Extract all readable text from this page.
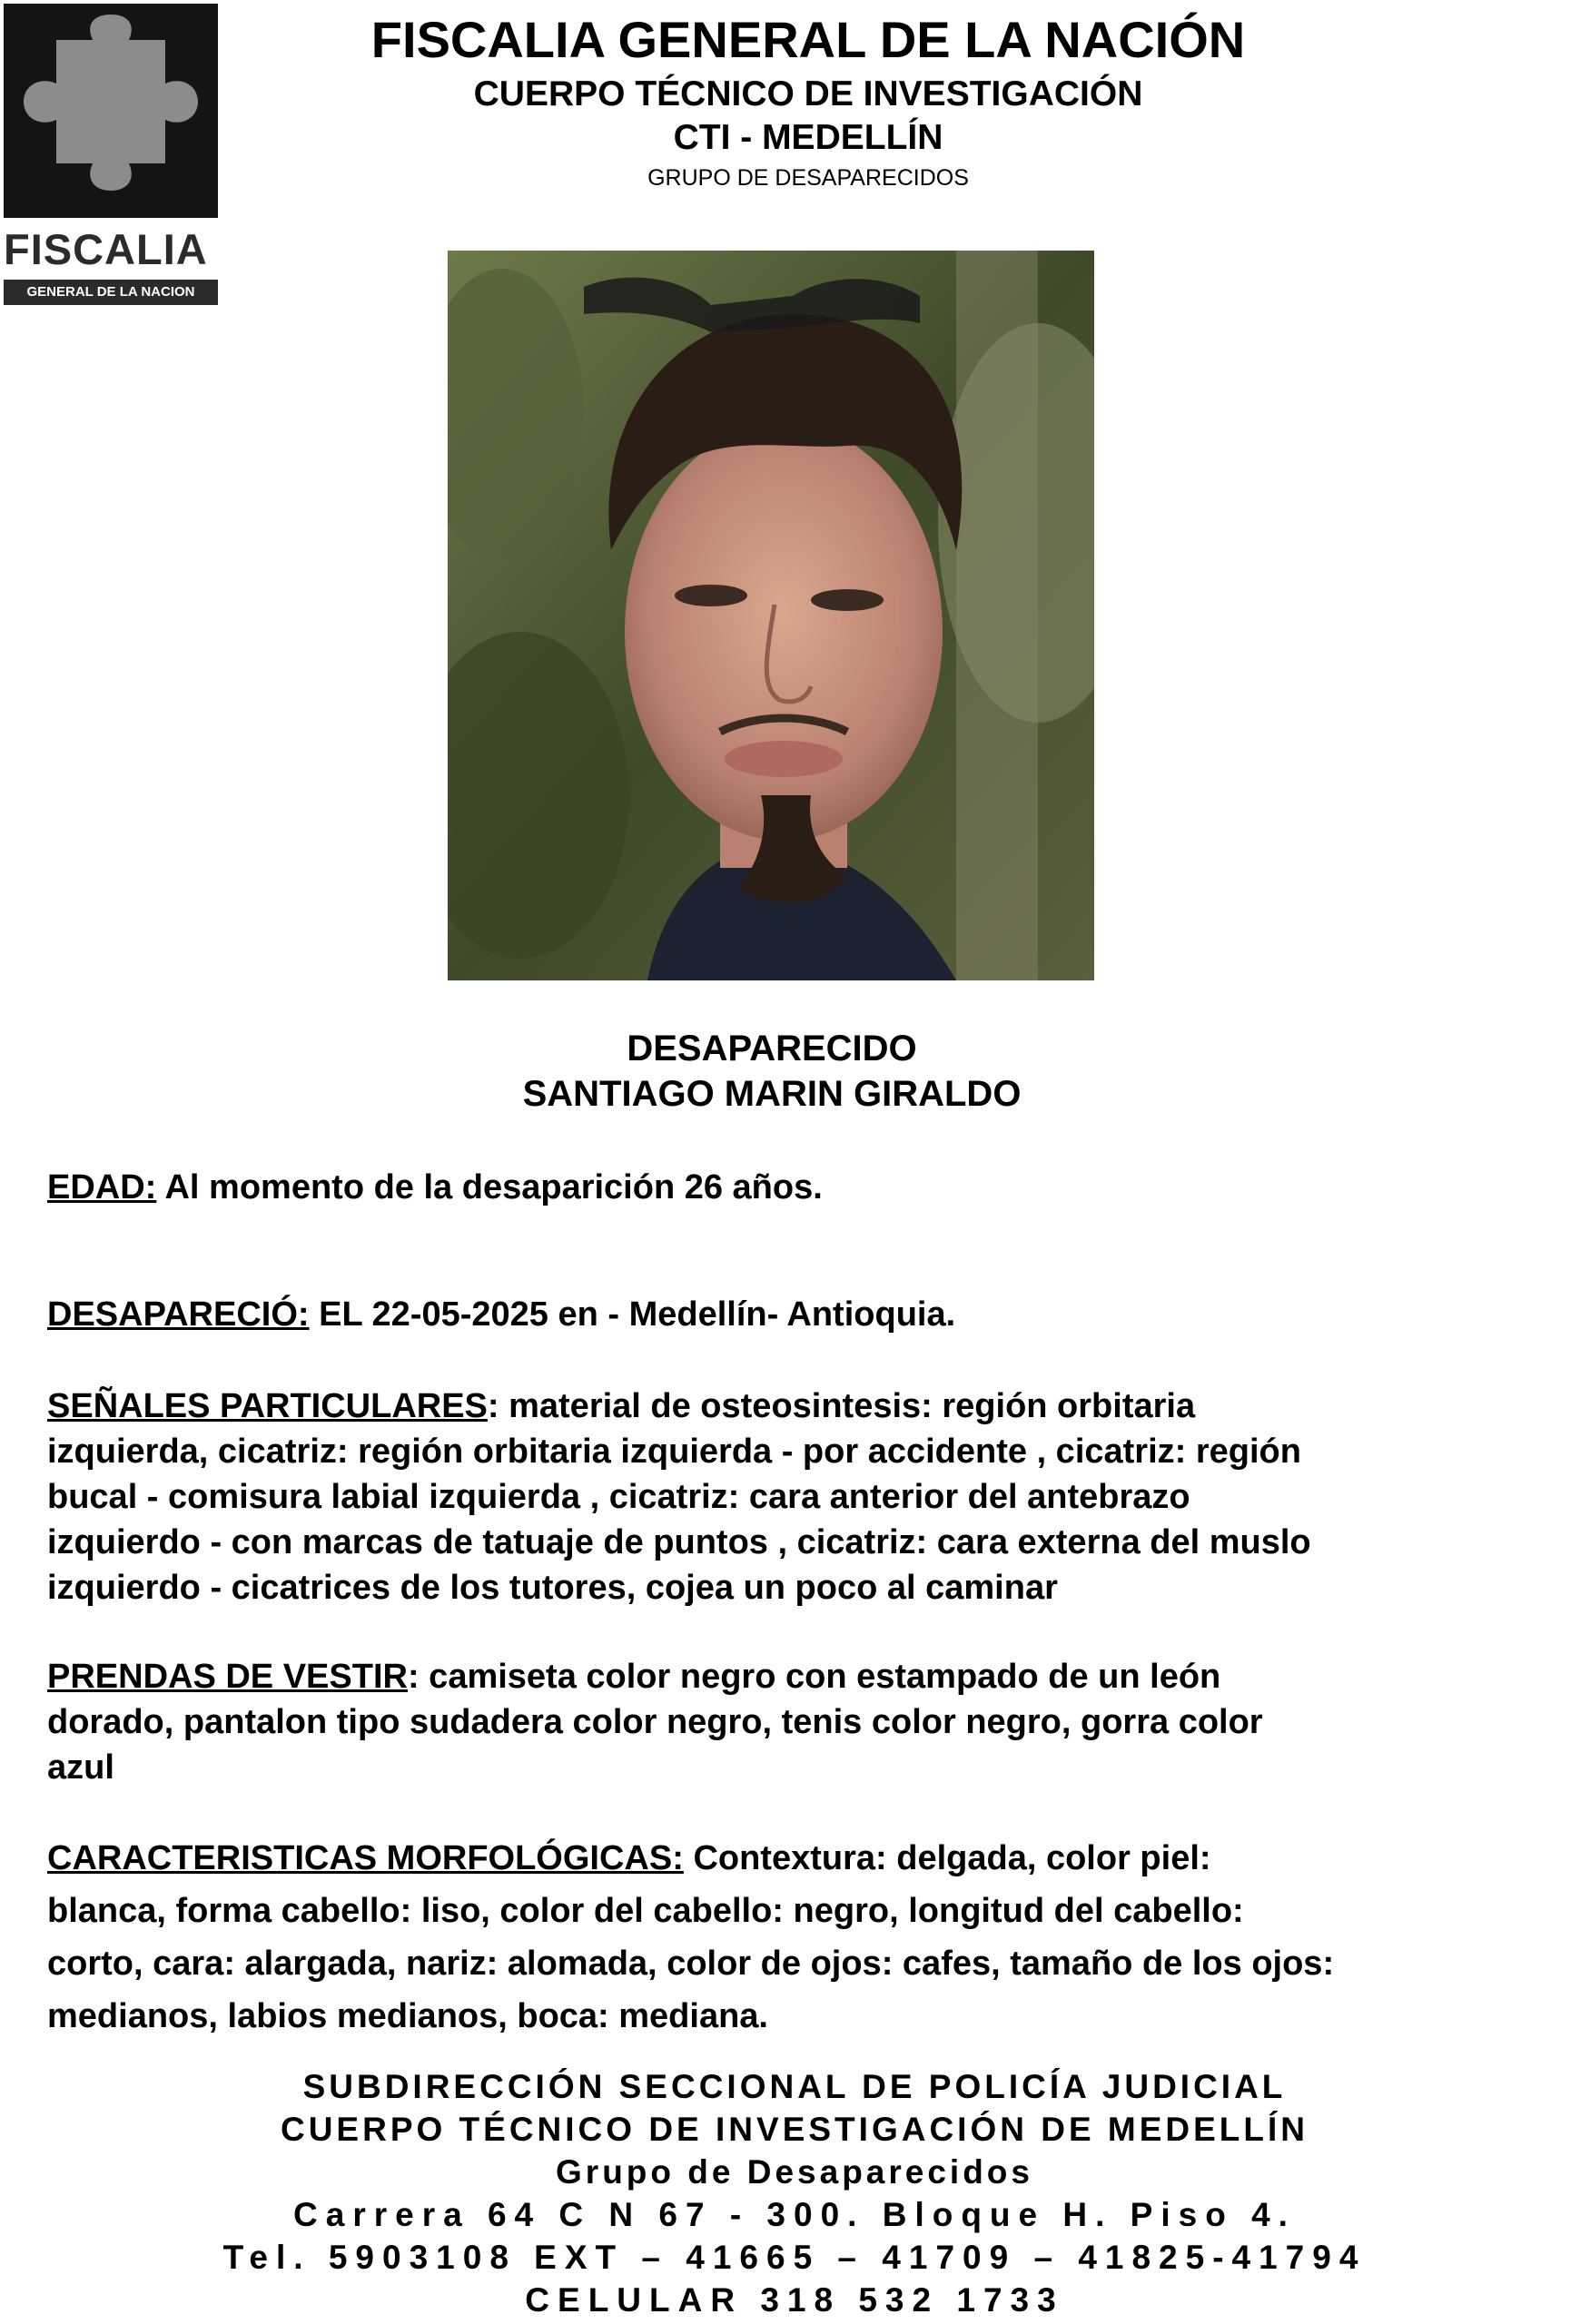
FISCALIA
GENERAL DE LA NACION
FISCALIA GENERAL DE LA NACIÓN
CUERPO TÉCNICO DE INVESTIGACIÓN
CTI - MEDELLÍN
GRUPO DE DESAPARECIDOS
DESAPARECIDO
SANTIAGO MARIN GIRALDO
EDAD: Al momento de la desaparición 26 años.
DESAPARECIÓ: EL 22-05-2025 en - Medellín- Antioquia.
SEÑALES PARTICULARES: material de osteosintesis: región orbitaria
izquierda, cicatriz: región orbitaria izquierda - por accidente , cicatriz: región
bucal - comisura labial izquierda , cicatriz: cara anterior del antebrazo
izquierdo - con marcas de tatuaje de puntos , cicatriz: cara externa del muslo
izquierdo - cicatrices de los tutores, cojea un poco al caminar
PRENDAS DE VESTIR: camiseta color negro con estampado de un león
dorado, pantalon tipo sudadera color negro, tenis color negro, gorra color
azul
CARACTERISTICAS MORFOLÓGICAS: Contextura: delgada, color piel:
blanca, forma cabello: liso, color del cabello: negro, longitud del cabello:
corto, cara: alargada, nariz: alomada, color de ojos: cafes, tamaño de los ojos:
medianos, labios medianos, boca: mediana.
SUBDIRECCIÓN SECCIONAL DE POLICÍA JUDICIAL
CUERPO TÉCNICO DE INVESTIGACIÓN DE MEDELLÍN
Grupo de Desaparecidos
Carrera 64 C N 67 - 300. Bloque H. Piso 4.
Tel. 5903108 EXT – 41665 – 41709 – 41825-41794
CELULAR 318 532 1733
